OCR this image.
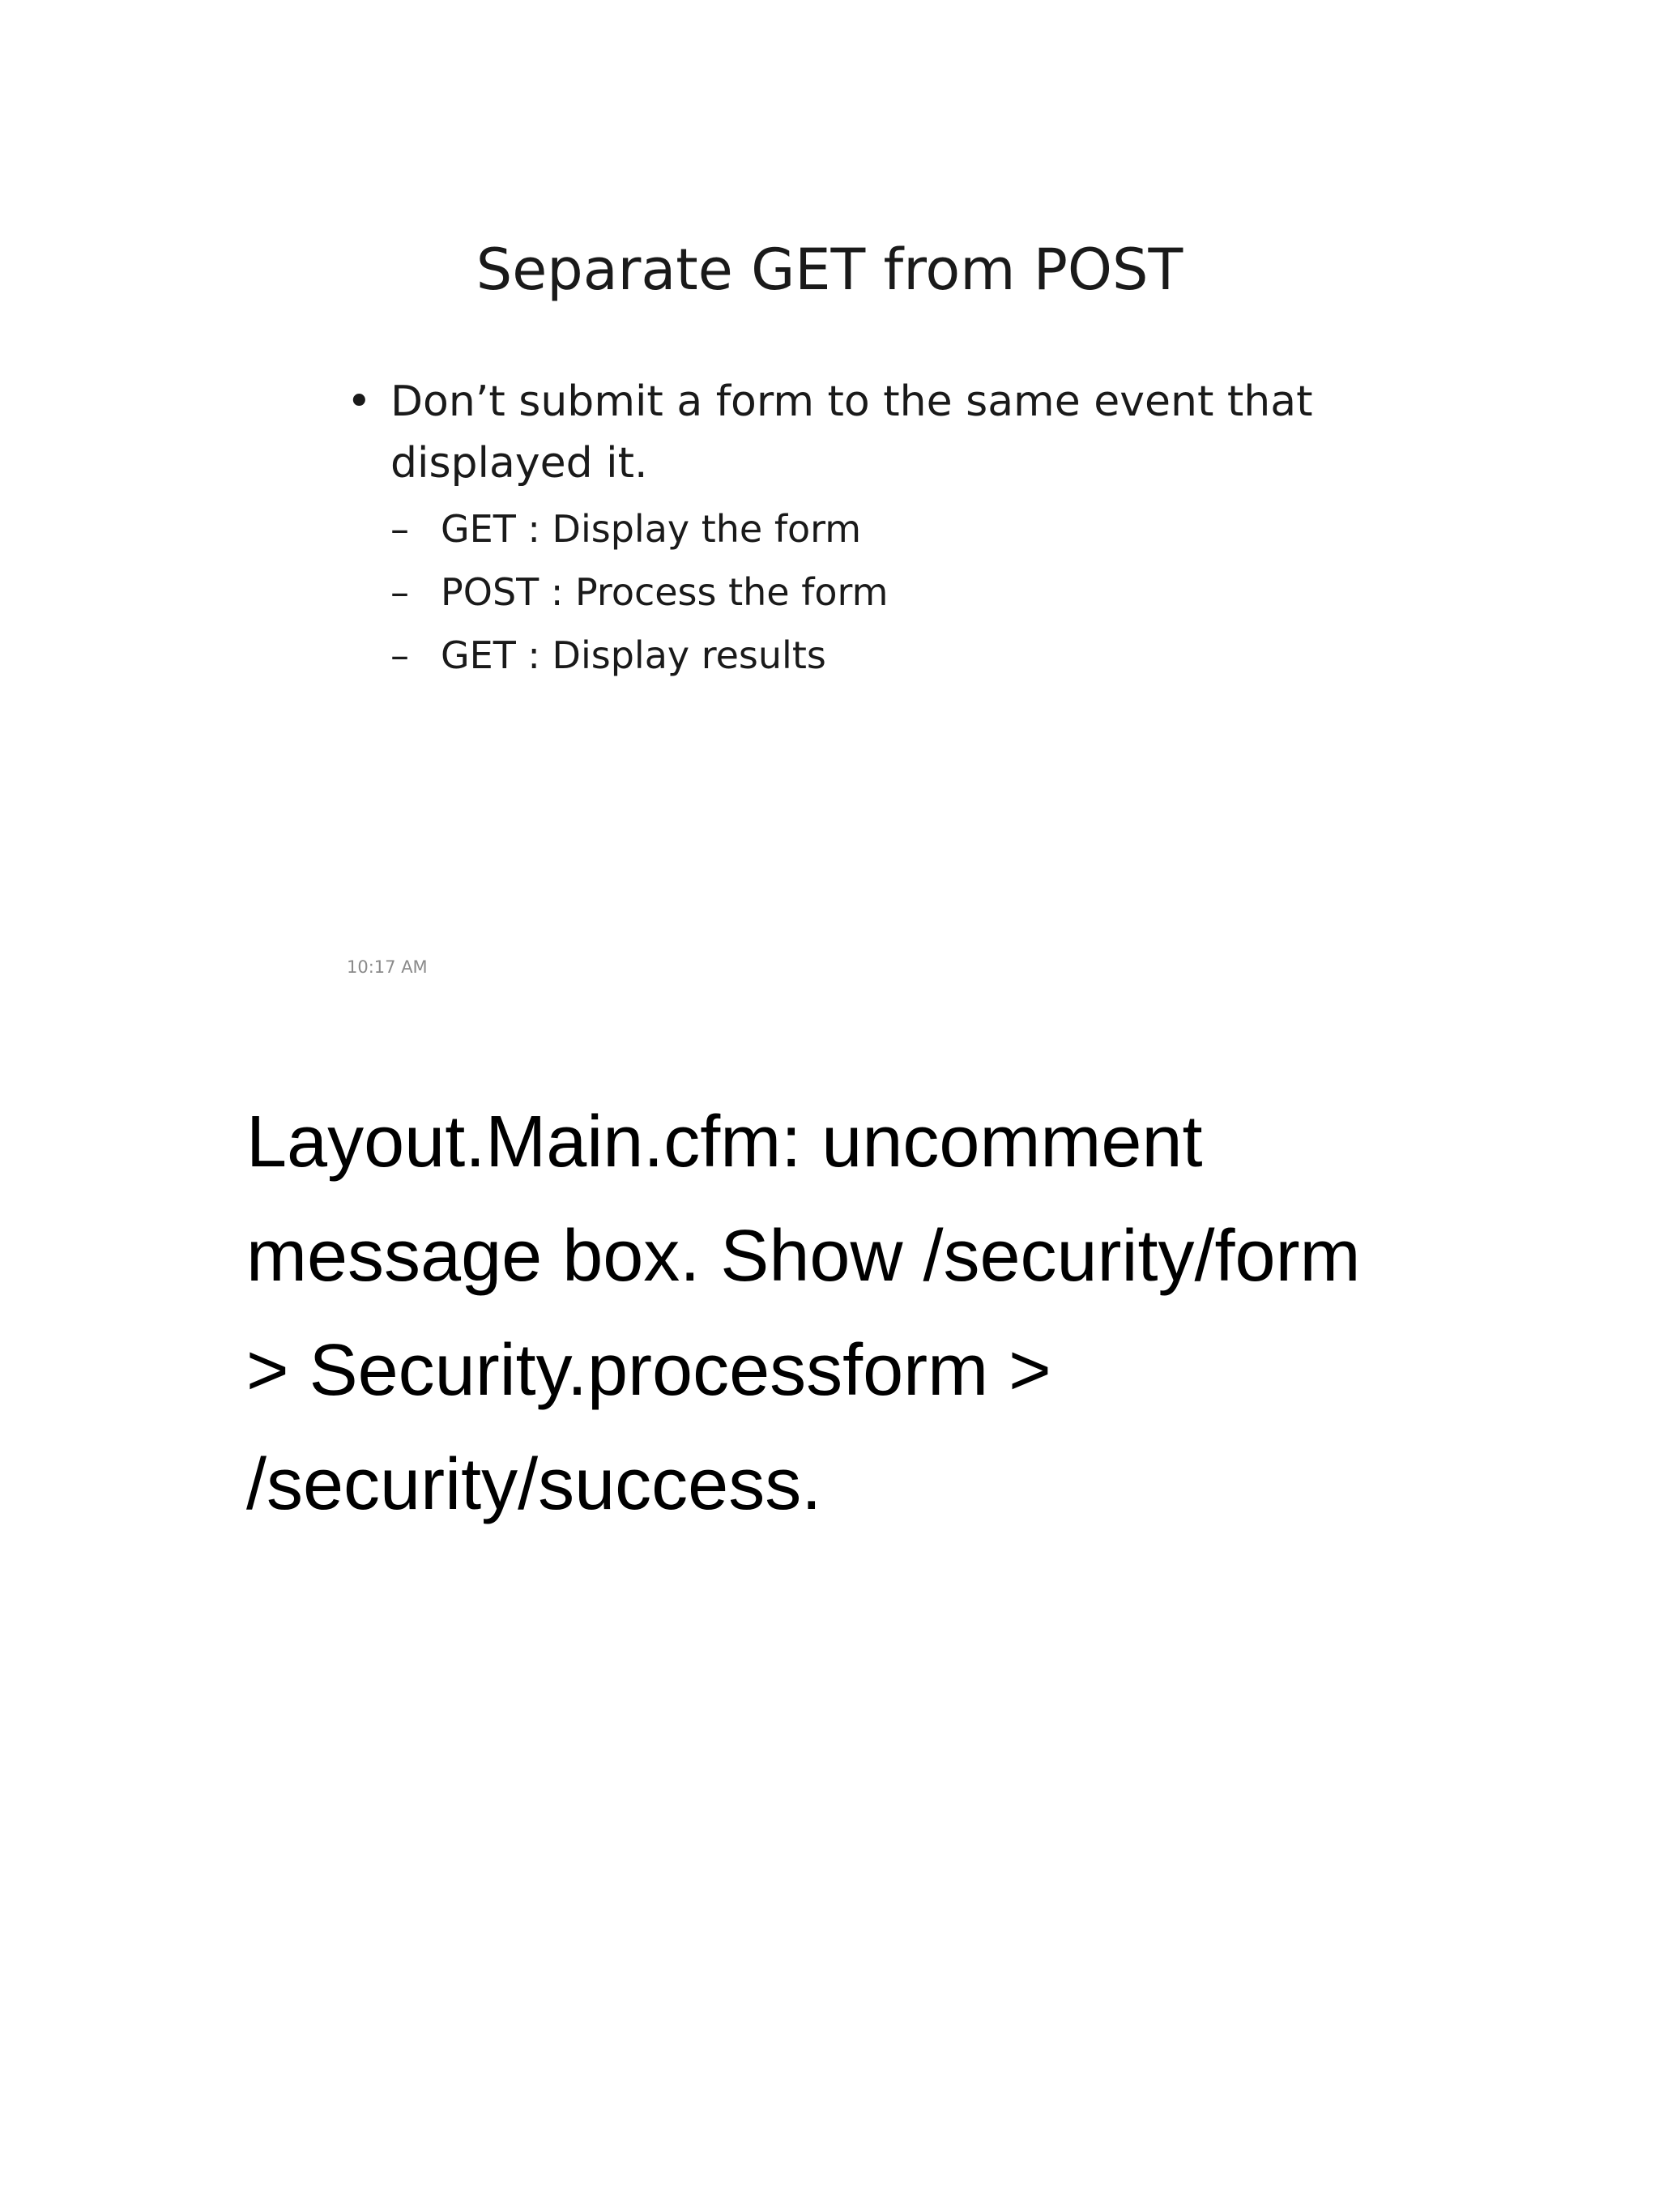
Separate GET from POST
• Don’t submit a form to the same event that
displayed it.
– GET : Display the form
– POST : Process the form
– GET : Display results
10:17 AM

Layout.Main.cfm: uncomment
message box. Show /security/form
> Security.processform >
/security/success.
